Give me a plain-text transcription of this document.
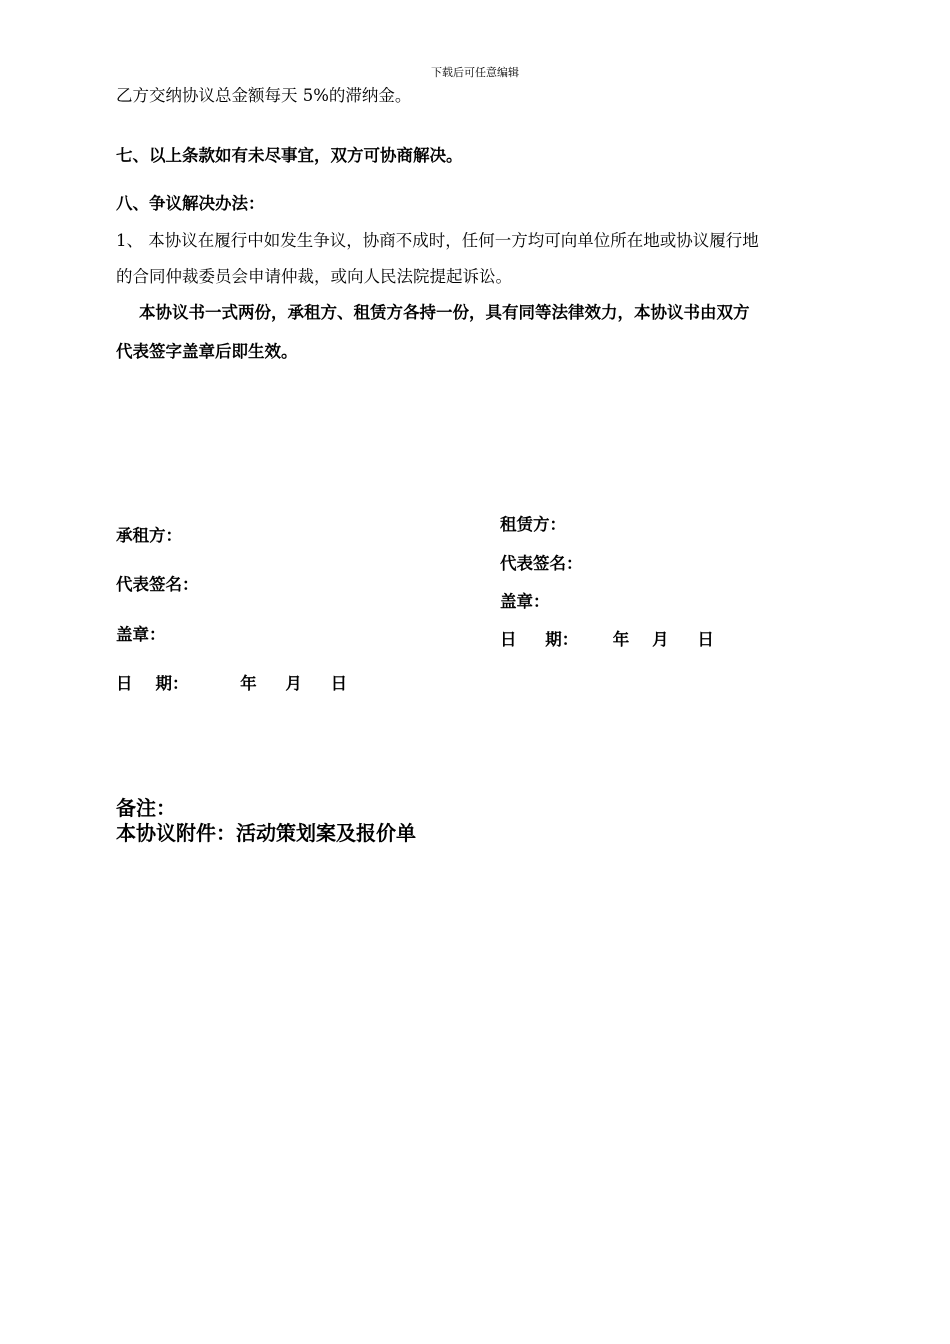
下载后可任意编辑
乙方交纳协议总金额每天 5%的滞纳金。
七、以上条款如有未尽事宜，双方可协商解决。
八、争议解决办法：
1、 本协议在履行中如发生争议，协商不成时，任何一方均可向单位所在地或协议履行地
的合同仲裁委员会申请仲裁，或向人民法院提起诉讼。
本协议书一式两份，承租方、租赁方各持一份，具有同等法律效力，本协议书由双方
代表签字盖章后即生效。
承租方：
代表签名：
盖章：
日    期：         年     月     日
租赁方：
代表签名：
盖章：
日     期：      年    月     日
备注：
本协议附件：活动策划案及报价单
